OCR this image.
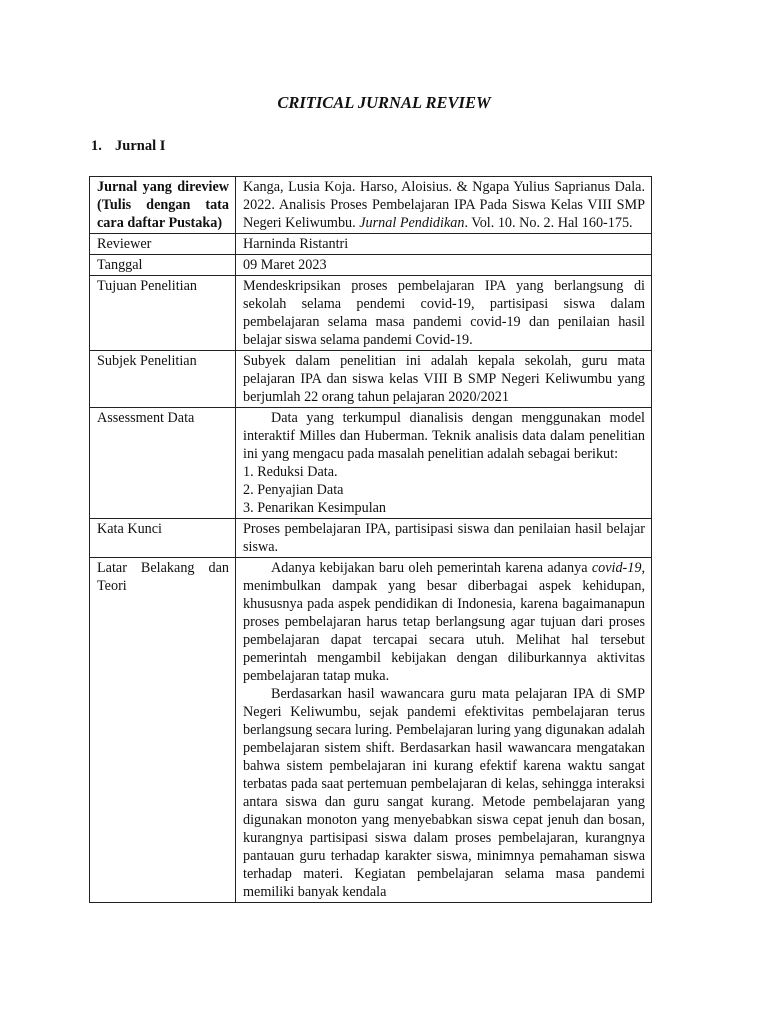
CRITICAL JURNAL REVIEW
1. Jurnal I
Jurnal yang direview (Tulis dengan tata cara daftar Pustaka)	Kanga, Lusia Koja. Harso, Aloisius. & Ngapa Yulius Saprianus Dala. 2022. Analisis Proses Pembelajaran IPA Pada Siswa Kelas VIII SMP Negeri Keliwumbu. Jurnal Pendidikan. Vol. 10. No. 2. Hal 160-175.
Reviewer	Harninda Ristantri
Tanggal	09 Maret 2023
Tujuan Penelitian	Mendeskripsikan proses pembelajaran IPA yang berlangsung di sekolah selama pendemi covid-19, partisipasi siswa dalam pembelajaran selama masa pandemi covid-19 dan penilaian hasil belajar siswa selama pandemi Covid-19.
Subjek Penelitian	Subyek dalam penelitian ini adalah kepala sekolah, guru mata pelajaran IPA dan siswa kelas VIII B SMP Negeri Keliwumbu yang berjumlah 22 orang tahun pelajaran 2020/2021
Assessment Data	Data yang terkumpul dianalisis dengan menggunakan model interaktif Milles dan Huberman. Teknik analisis data dalam penelitian ini yang mengacu pada masalah penelitian adalah sebagai berikut:

1. Reduksi Data.

2. Penyajian Data

3. Penarikan Kesimpulan

Kata Kunci	Proses pembelajaran IPA, partisipasi siswa dan penilaian hasil belajar siswa.
Latar Belakang dan Teori	Adanya kebijakan baru oleh pemerintah karena adanya covid-19, menimbulkan dampak yang besar diberbagai aspek kehidupan, khususnya pada aspek pendidikan di Indonesia, karena bagaimanapun proses pembelajaran harus tetap berlangsung agar tujuan dari proses pembelajaran dapat tercapai secara utuh. Melihat hal tersebut pemerintah mengambil kebijakan dengan diliburkannya aktivitas pembelajaran tatap muka.

Berdasarkan hasil wawancara guru mata pelajaran IPA di SMP Negeri Keliwumbu, sejak pandemi efektivitas pembelajaran terus berlangsung secara luring. Pembelajaran luring yang digunakan adalah pembelajaran sistem shift. Berdasarkan hasil wawancara mengatakan bahwa sistem pembelajaran ini kurang efektif karena waktu sangat terbatas pada saat pertemuan pembelajaran di kelas, sehingga interaksi antara siswa dan guru sangat kurang. Metode pembelajaran yang digunakan monoton yang menyebabkan siswa cepat jenuh dan bosan, kurangnya partisipasi siswa dalam proses pembelajaran, kurangnya pantauan guru terhadap karakter siswa, minimnya pemahaman siswa terhadap materi. Kegiatan pembelajaran selama masa pandemi memiliki banyak kendala
